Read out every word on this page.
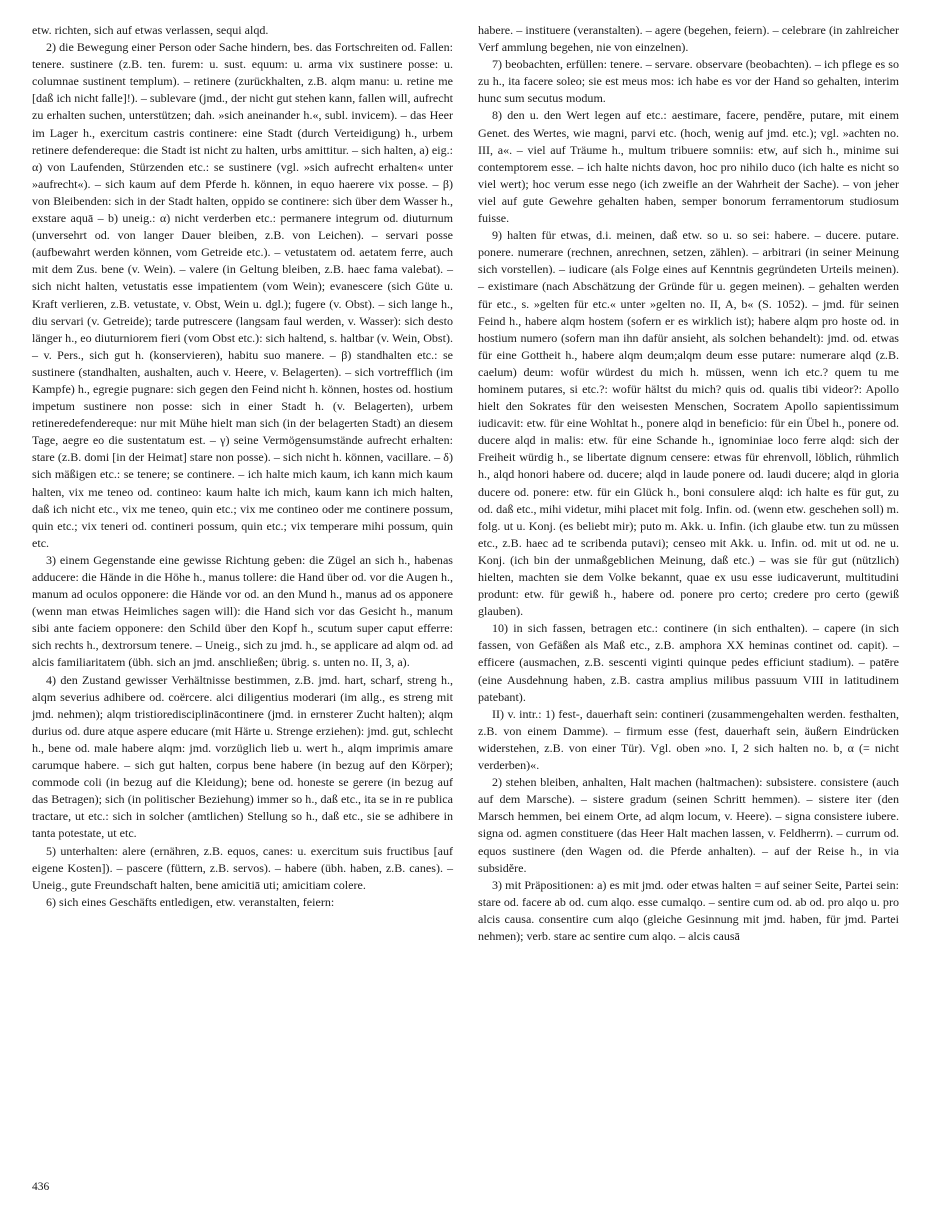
etw. richten, sich auf etwas verlassen, sequi alqd.

2) die Bewegung einer Person oder Sache hindern, bes. das Fortschreiten od. Fallen: tenere. sustinere (z.B. ten. furem: u. sust. equum: u. arma vix sustinere posse: u. columnae sustinent templum). – retinere (zurückhalten, z.B. alqm manu: u. retine me [daß ich nicht falle]!). – sublevare (jmd., der nicht gut stehen kann, fallen will, aufrecht zu erhalten suchen, unterstützen; dah. »sich aneinander h.«, subl. invicem). – das Heer im Lager h., exercitum castris continere: eine Stadt (durch Verteidigung) h., urbem retinere defendereque: die Stadt ist nicht zu halten, urbs amittitur. – sich halten, a) eig.: α) von Laufenden, Stürzenden etc.: se sustinere (vgl. »sich aufrecht erhalten« unter »aufrecht«). – sich kaum auf dem Pferde h. können, in equo haerere vix posse. – β) von Bleibenden: sich in der Stadt halten, oppido se continere: sich über dem Wasser h., exstare aquā – b) uneig.: α) nicht verderben etc.: permanere integrum od. diuturnum (unversehrt od. von langer Dauer bleiben, z.B. von Leichen). – servari posse (aufbewahrt werden können, vom Getreide etc.). – vetustatem od. aetatem ferre, auch mit dem Zus. bene (v. Wein). – valere (in Geltung bleiben, z.B. haec fama valebat). – sich nicht halten, vetustatis esse impatientem (vom Wein); evanescere (sich Güte u. Kraft verlieren, z.B. vetustate, v. Obst, Wein u. dgl.); fugere (v. Obst). – sich lange h., diu servari (v. Getreide); tarde putrescere (langsam faul werden, v. Wasser): sich desto länger h., eo diuturniorem fieri (vom Obst etc.): sich haltend, s. haltbar (v. Wein, Obst). – v. Pers., sich gut h. (konservieren), habitu suo manere. – β) standhalten etc.: se sustinere (standhalten, aushalten, auch v. Heere, v. Belagerten). – sich vortrefflich (im Kampfe) h., egregie pugnare: sich gegen den Feind nicht h. können, hostes od. hostium impetum sustinere non posse: sich in einer Stadt h. (v. Belagerten), urbem retineredefendereque: nur mit Mühe hielt man sich (in der belagerten Stadt) an diesem Tage, aegre eo die sustentatum est. – γ) seine Vermögensumstände aufrecht erhalten: stare (z.B. domi [in der Heimat] stare non posse). – sich nicht h. können, vacillare. – δ) sich mäßigen etc.: se tenere; se continere. – ich halte mich kaum, ich kann mich kaum halten, vix me teneo od. contineo: kaum halte ich mich, kaum kann ich mich halten, daß ich nicht etc., vix me teneo, quin etc.; vix me contineo oder me continere possum, quin etc.; vix teneri od. contineri possum, quin etc.; vix temperare mihi possum, quin etc.

3) einem Gegenstande eine gewisse Richtung geben: die Zügel an sich h., habenas adducere: die Hände in die Höhe h., manus tollere: die Hand über od. vor die Augen h., manum ad oculos opponere: die Hände vor od. an den Mund h., manus ad os apponere (wenn man etwas Heimliches sagen will): die Hand sich vor das Gesicht h., manum sibi ante faciem opponere: den Schild über den Kopf h., scutum super caput efferre: sich rechts h., dextrorsum tenere. – Uneig., sich zu jmd. h., se applicare ad alqm od. ad alcis familiaritatem (übh. sich an jmd. anschließen; übrig. s. unten no. II, 3, a).

4) den Zustand gewisser Verhältnisse bestimmen, z.B. jmd. hart, scharf, streng h., alqm severius adhibere od. coërcere. alci diligentius moderari (im allg., es streng mit jmd. nehmen); alqm tristioredisciplinācontinere (jmd. in ernsterer Zucht halten); alqm durius od. dure atque aspere educare (mit Härte u. Strenge erziehen): jmd. gut, schlecht h., bene od. male habere alqm: jmd. vorzüglich lieb u. wert h., alqm imprimis amare carumque habere. – sich gut halten, corpus bene habere (in bezug auf den Körper); commode coli (in bezug auf die Kleidung); bene od. honeste se gerere (in bezug auf das Betragen); sich (in politischer Beziehung) immer so h., daß etc., ita se in re publica tractare, ut etc.: sich in solcher (amtlichen) Stellung so h., daß etc., sie se adhibere in tanta potestate, ut etc.

5) unterhalten: alere (ernähren, z.B. equos, canes: u. exercitum suis fructibus [auf eigene Kosten]). – pascere (füttern, z.B. servos). – habere (übh. haben, z.B. canes). – Uneig., gute Freundschaft halten, bene amicitiā uti; amicitiam colere.

6) sich eines Geschäfts entledigen, etw. veranstalten, feiern:

habere. – instituere (veranstalten). – agere (begehen, feiern). – celebrare (in zahlreicher Verf ammlung begehen, nie von einzelnen).

7) beobachten, erfüllen: tenere. – servare. observare (beobachten). – ich pflege es so zu h., ita facere soleo; sie est meus mos: ich habe es vor der Hand so gehalten, interim hunc sum secutus modum.

8) den u. den Wert legen auf etc.: aestimare, facere, pendĕre, putare, mit einem Genet. des Wertes, wie magni, parvi etc. (hoch, wenig auf jmd. etc.); vgl. »achten no. III, a«. – viel auf Träume h., multum tribuere somniis: etw, auf sich h., minime sui contemptorem esse. – ich halte nichts davon, hoc pro nihilo duco (ich halte es nicht so viel wert); hoc verum esse nego (ich zweifle an der Wahrheit der Sache). – von jeher viel auf gute Gewehre gehalten haben, semper bonorum ferramentorum studiosum fuisse.

9) halten für etwas, d.i. meinen, daß etw. so u. so sei: habere. – ducere. putare. ponere. numerare (rechnen, anrechnen, setzen, zählen). – arbitrari (in seiner Meinung sich vorstellen). – iudicare (als Folge eines auf Kenntnis gegründeten Urteils meinen). – existimare (nach Abschätzung der Gründe für u. gegen meinen). – gehalten werden für etc., s. »gelten für etc.« unter »gelten no. II, A, b« (S. 1052). – jmd. für seinen Feind h., habere alqm hostem (sofern er es wirklich ist); habere alqm pro hoste od. in hostium numero (sofern man ihn dafür ansieht, als solchen behandelt): jmd. od. etwas für eine Gottheit h., habere alqm deum;alqm deum esse putare: numerare alqd (z.B. caelum) deum: wofür würdest du mich h. müssen, wenn ich etc.? quem tu me hominem putares, si etc.?: wofür hältst du mich? quis od. qualis tibi videor?: Apollo hielt den Sokrates für den weisesten Menschen, Socratem Apollo sapientissimum iudicavit: etw. für eine Wohltat h., ponere alqd in beneficio: für ein Übel h., ponere od. ducere alqd in malis: etw. für eine Schande h., ignominiae loco ferre alqd: sich der Freiheit würdig h., se libertate dignum censere: etwas für ehrenvoll, löblich, rühmlich h., alqd honori habere od. ducere; alqd in laude ponere od. laudi ducere; alqd in gloria ducere od. ponere: etw. für ein Glück h., boni consulere alqd: ich halte es für gut, zu od. daß etc., mihi videtur, mihi placet mit folg. Infin. od. (wenn etw. geschehen soll) m. folg. ut u. Konj. (es beliebt mir); puto m. Akk. u. Infin. (ich glaube etw. tun zu müssen etc., z.B. haec ad te scribenda putavi); censeo mit Akk. u. Infin. od. mit ut od. ne u. Konj. (ich bin der unmaßgeblichen Meinung, daß etc.) – was sie für gut (nützlich) hielten, machten sie dem Volke bekannt, quae ex usu esse iudicaverunt, multitudini produnt: etw. für gewiß h., habere od. ponere pro certo; credere pro certo (gewiß glauben).

10) in sich fassen, betragen etc.: continere (in sich enthalten). – capere (in sich fassen, von Gefäßen als Maß etc., z.B. amphora XX heminas continet od. capit). – efficere (ausmachen, z.B. sescenti viginti quinque pedes efficiunt stadium). – patēre (eine Ausdehnung haben, z.B. castra amplius milibus passuum VIII in latitudinem patebant).

II) v. intr.: 1) fest-, dauerhaft sein: contineri (zusammengehalten werden. festhalten, z.B. von einem Damme). – firmum esse (fest, dauerhaft sein, äußern Eindrücken widerstehen, z.B. von einer Tür). Vgl. oben »no. I, 2 sich halten no. b, α (= nicht verderben)«.

2) stehen bleiben, anhalten, Halt machen (haltmachen): subsistere. consistere (auch auf dem Marsche). – sistere gradum (seinen Schritt hemmen). – sistere iter (den Marsch hemmen, bei einem Orte, ad alqm locum, v. Heere). – signa consistere iubere. signa od. agmen constituere (das Heer Halt machen lassen, v. Feldherrn). – currum od. equos sustinere (den Wagen od. die Pferde anhalten). – auf der Reise h., in via subsidĕre.

3) mit Präpositionen: a) es mit jmd. oder etwas halten = auf seiner Seite, Partei sein: stare od. facere ab od. cum alqo. esse cumalqo. – sentire cum od. ab od. pro alqo u. pro alcis causa. consentire cum alqo (gleiche Gesinnung mit jmd. haben, für jmd. Partei nehmen); verb. stare ac sentire cum alqo. – alcis causā

436
